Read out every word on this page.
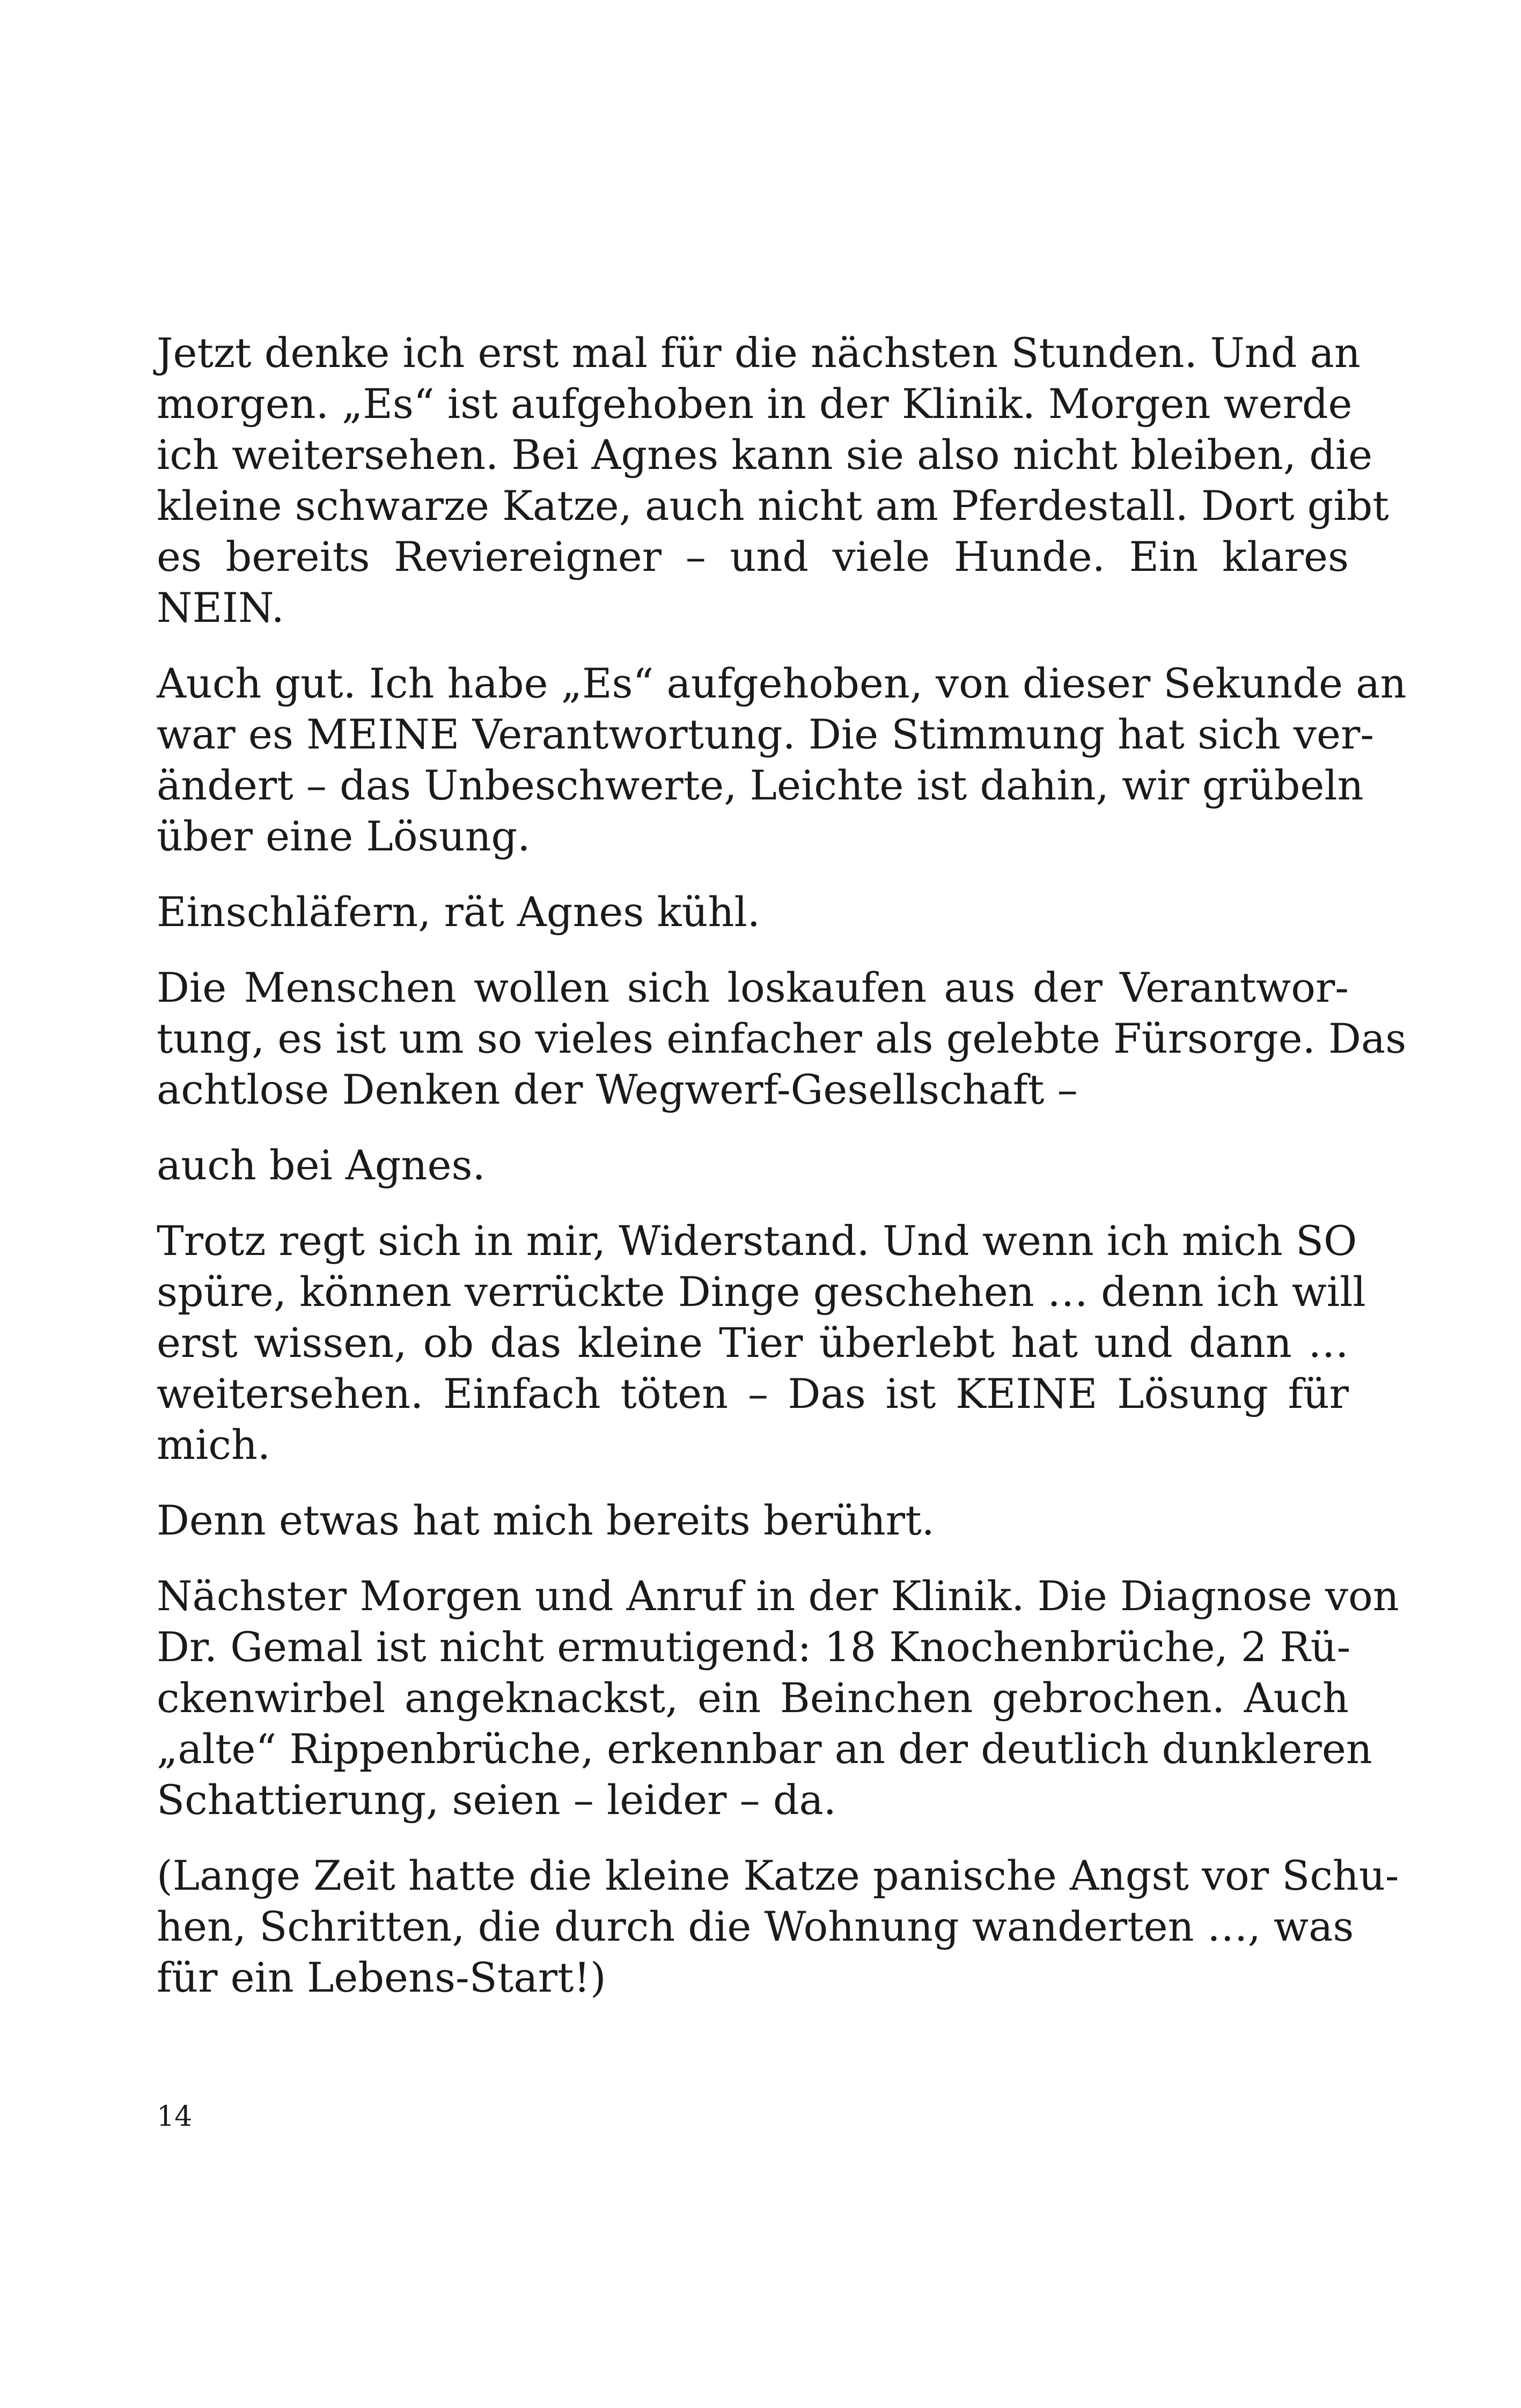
Jetzt denke ich erst mal für die nächsten Stunden. Und an
morgen. „Es“ ist aufgehoben in der Klinik. Morgen werde
ich weitersehen. Bei Agnes kann sie also nicht bleiben, die
kleine schwarze Katze, auch nicht am Pferdestall. Dort gibt
es bereits Reviereigner – und viele Hunde. Ein klares
NEIN.

Auch gut. Ich habe „Es“ aufgehoben, von dieser Sekunde an
war es MEINE Verantwortung. Die Stimmung hat sich ver-
ändert – das Unbeschwerte, Leichte ist dahin, wir grübeln
über eine Lösung.

Einschläfern, rät Agnes kühl.

Die Menschen wollen sich loskaufen aus der Verantwor-
tung, es ist um so vieles einfacher als gelebte Fürsorge. Das
achtlose Denken der Wegwerf-Gesellschaft –

auch bei Agnes.

Trotz regt sich in mir, Widerstand. Und wenn ich mich SO
spüre, können verrückte Dinge geschehen … denn ich will
erst wissen, ob das kleine Tier überlebt hat und dann …
weitersehen. Einfach töten – Das ist KEINE Lösung für
mich.

Denn etwas hat mich bereits berührt.

Nächster Morgen und Anruf in der Klinik. Die Diagnose von
Dr. Gemal ist nicht ermutigend: 18 Knochenbrüche, 2 Rü-
ckenwirbel angeknackst, ein Beinchen gebrochen. Auch
„alte“ Rippenbrüche, erkennbar an der deutlich dunkleren
Schattierung, seien – leider – da.

(Lange Zeit hatte die kleine Katze panische Angst vor Schu-
hen, Schritten, die durch die Wohnung wanderten …, was
für ein Lebens-Start!)

14
